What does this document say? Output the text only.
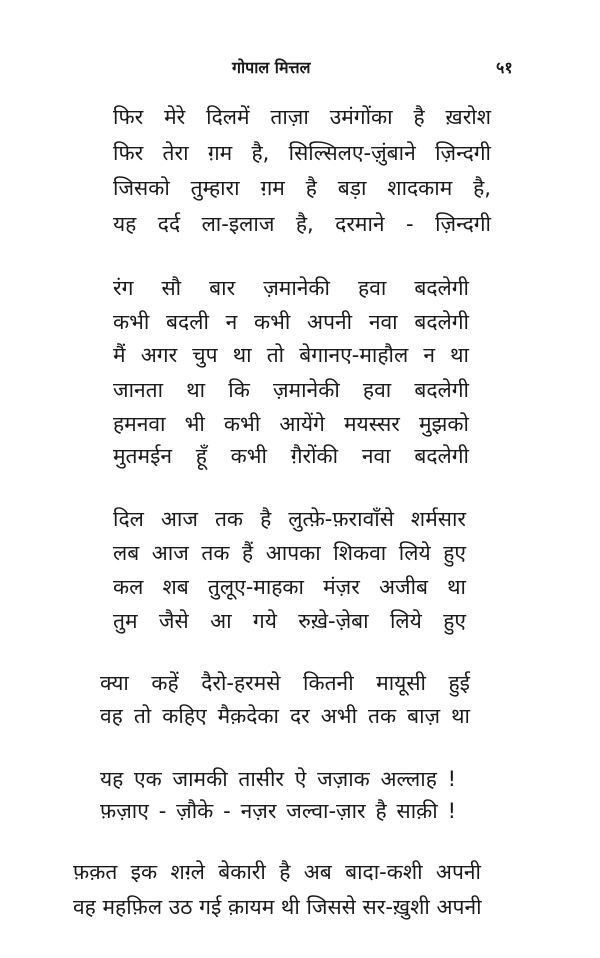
गोपाल मित्तल	५१
फिर मेरे दिलमें ताज़ा उमंगोंका है ख़रोश
फिर तेरा ग़म है, सिल्सिलए-ज़ुंबाने ज़िन्दगी
जिसको तुम्हारा ग़म है बड़ा शादकाम है,
यह दर्द ला-इलाज है, दरमाने - ज़िन्दगी
रंग सौ बार ज़मानेकी हवा बदलेगी
कभी बदली न कभी अपनी नवा बदलेगी
मैं अगर चुप था तो बेगानए-माहौल न था
जानता था कि ज़मानेकी हवा बदलेगी
हमनवा भी कभी आयेंगे मयस्सर मुझको
मुतमईन हूँ कभी ग़ैरोंकी नवा बदलेगी
दिल आज तक है लुत्फ़े-फ़रावाँसे शर्मसार
लब आज तक हैं आपका शिकवा लिये हुए
कल शब तुलूए-माहका मंज़र अजीब था
तुम जैसे आ गये रुख़े-ज़ेबा लिये हुए
क्या कहें दैरो-हरमसे कितनी मायूसी हुई
वह तो कहिए मैक़देका दर अभी तक बाज़ था
यह एक जामकी तासीर ऐ जज़ाक अल्लाह !
फ़ज़ाए - ज़ौके - नज़र जल्वा-ज़ार है साक़ी !
फ़क़त इक शग़्ले बेकारी है अब बादा-कशी अपनी
वह महफ़िल उठ गई क़ायम थी जिससे सर-ख़ुशी अपनी
